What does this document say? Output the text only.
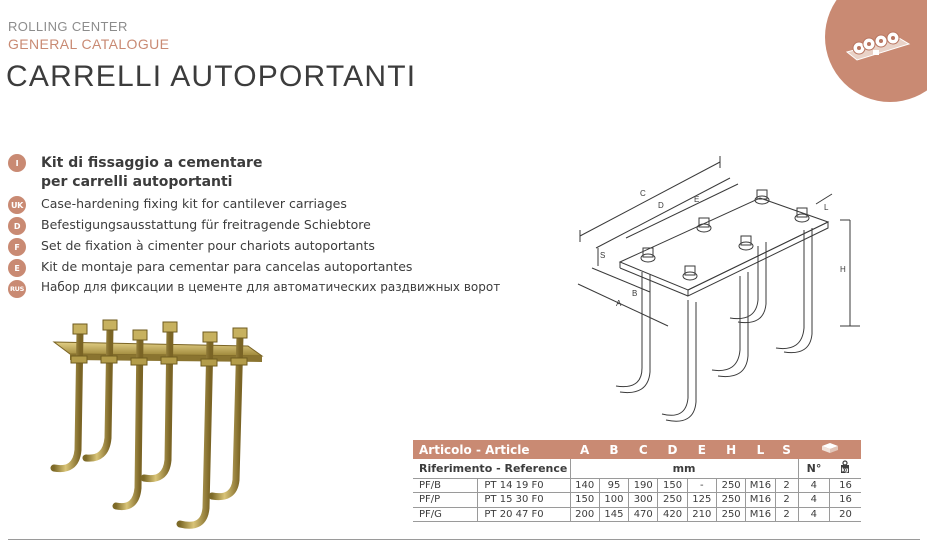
ROLLING CENTER
GENERAL CATALOGUE
CARRELLI AUTOPORTANTI
I	Kit di fissaggio a cementare
per carrelli autoportanti
UK Case-hardening fixing kit for cantilever carriages
D	Befestigungsausstattung für freitragende Schiebtore
F	Set de fixation à cimenter pour chariots autoportants
E	Kit de montaje para cementar para cancelas autoportantes
RUS Набор для фиксации в цементе для автоматических раздвижных ворот
C
D
E
L
S
B
A
H
Articolo - Article		A	B	C	D	E	H	L	S	
Riferimento - Reference		mm								N°	kg

PF/B	PT 14 19 F0	140	95	190	150	-	250	M16	2	4	16
PF/P	PT 15 30 F0	150	100	300	250	125	250	M16	2	4	16
PF/G	PT 20 47 F0	200	145	470	420	210	250	M16	2	4	20
